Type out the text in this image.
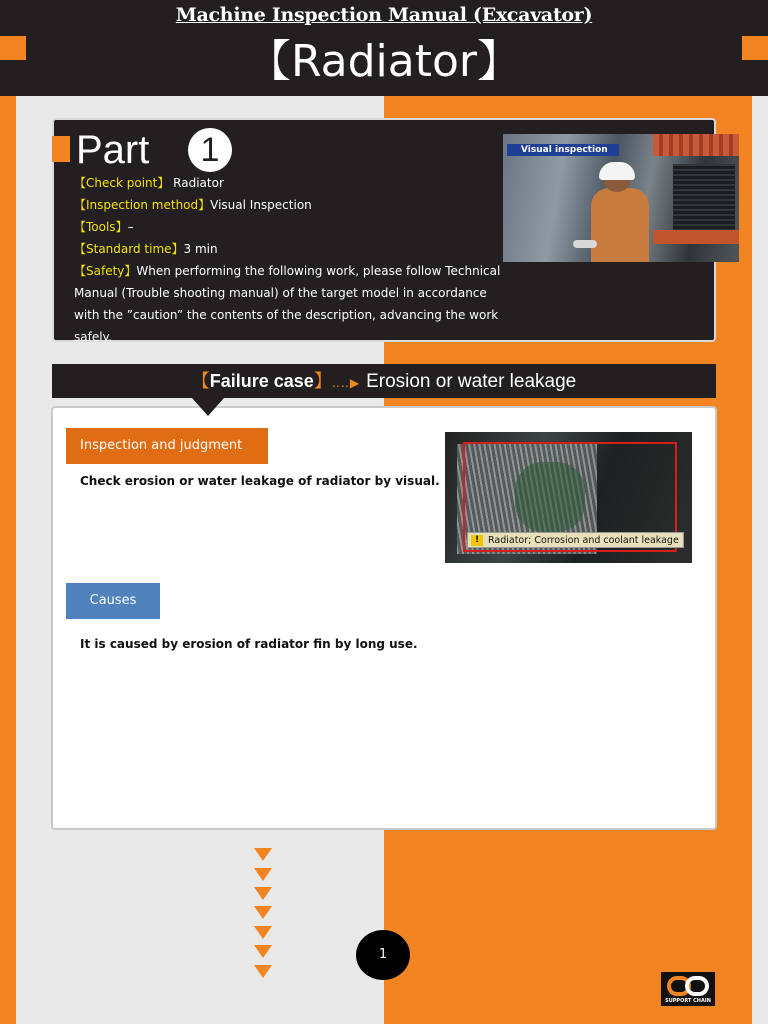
Machine Inspection Manual (Excavator)
【Radiator】
Part	1
【Check point】 Radiator
【Inspection method】Visual Inspection
【Tools】–
【Standard time】3 min
【Safety】When performing the following work, please follow Technical Manual (Trouble shooting manual) of the target model in accordance with the ”caution” the contents of the description, advancing the work safely.
Visual inspection
【Failure case】‥‥▶ Erosion or water leakage
Inspection and judgment
Check erosion or water leakage of radiator by visual.
! Radiator; Corrosion and coolant leakage
Causes
It is caused by erosion of radiator fin by long use.
1
SUPPORT CHAIN
